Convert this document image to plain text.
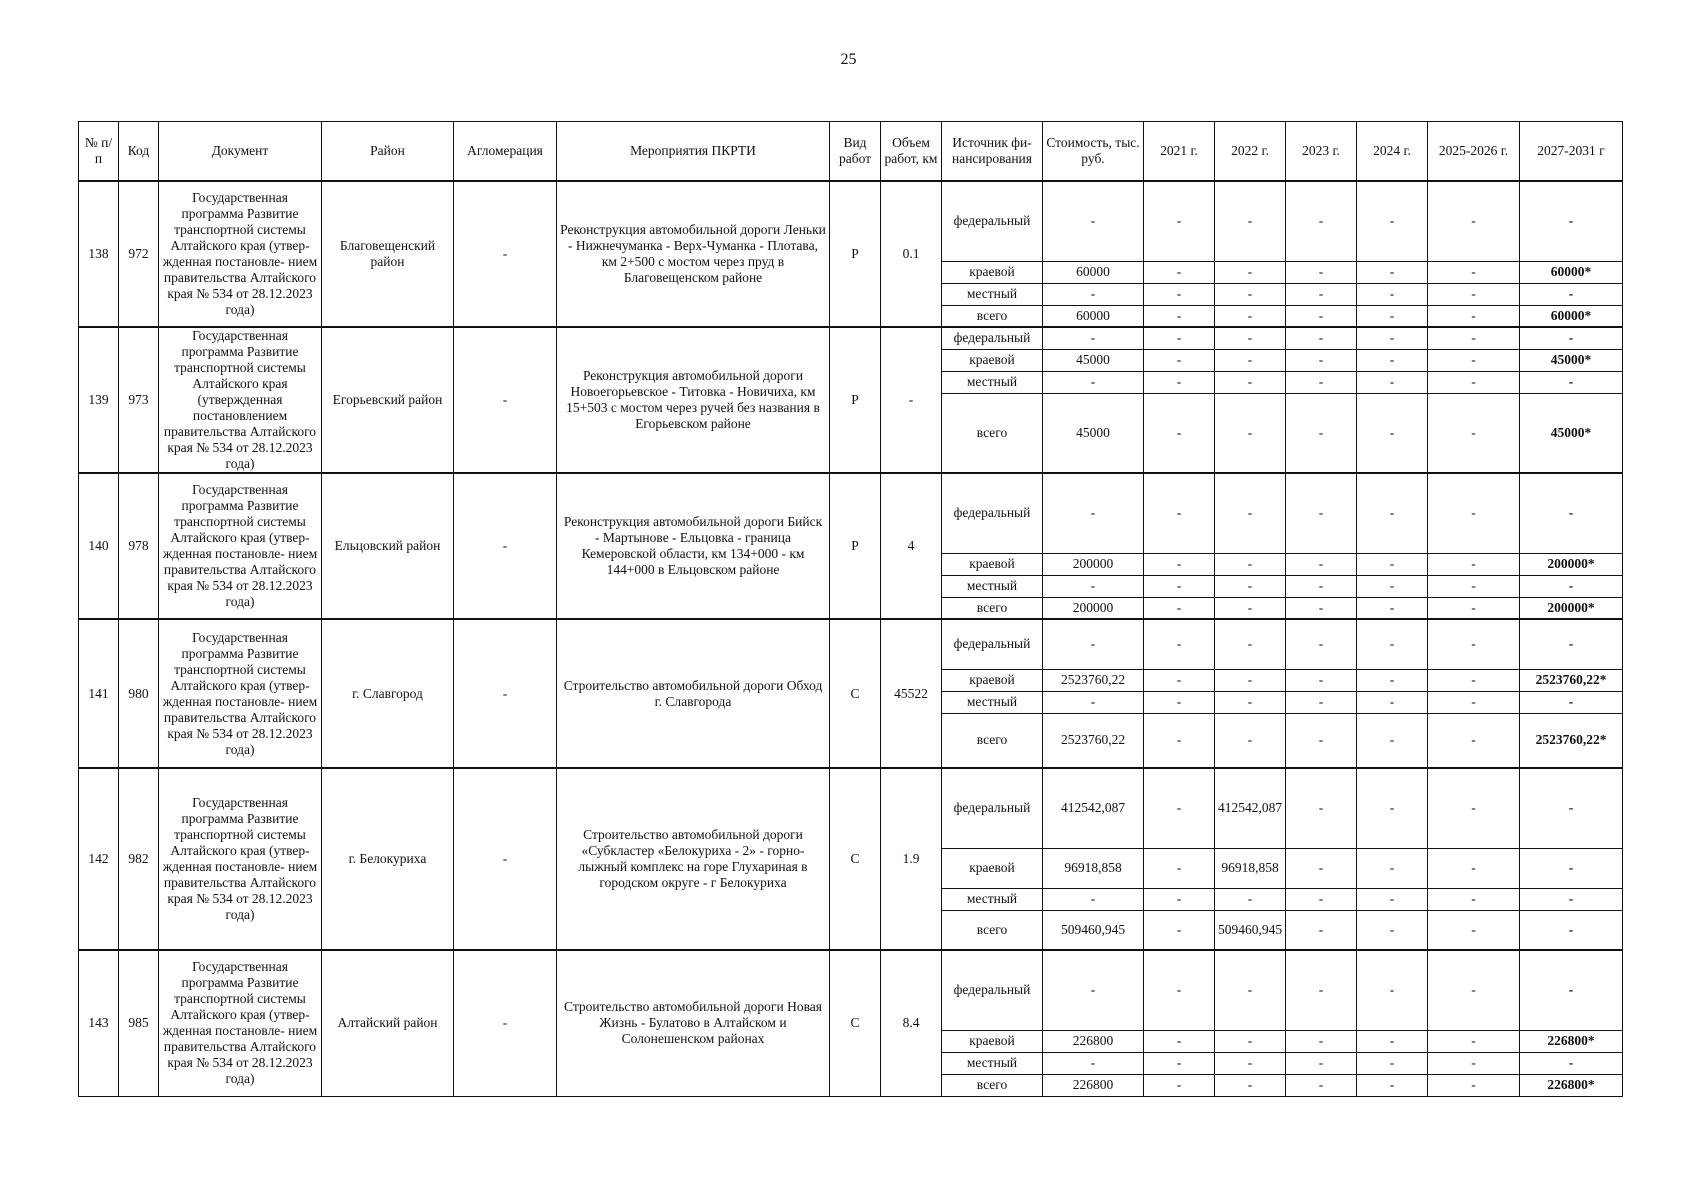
25
№ п/п	Код	Документ	Район	Агломерация	Мероприятия ПКРТИ	Вид работ	Объем работ, км	Источник фи-нансирования	Стоимость, тыс. руб.	2021 г.	2022 г.	2023 г.	2024 г.	2025-2026 г.	2027-2031 г
138	972	Государственная программа Развитие транспортной системы Алтайского края (утвер- жденная постановле- нием правительства Алтайского края № 534 от 28.12.2023 года)	Благовещенский район	-	Реконструкция автомобильной дороги Леньки - Нижнечуманка - Верх-Чуманка - Плотава, км 2+500 с мостом через пруд в Благовещенском районе	Р	0.1	федеральный	-	-	-	-	-	-	-
								краевой	60000	-	-	-	-	-	60000*
								местный	-	-	-	-	-	-	-
								всего	60000	-	-	-	-	-	60000*
139	973	Государственная программа Развитие транспортной системы Алтайского края (утвержденная постановлением правительства Алтайского края № 534 от 28.12.2023 года)	Егорьевский район	-	Реконструкция автомобильной дороги Новоегорьевское - Титовка - Новичиха, км 15+503 с мостом через ручей без названия в Егорьевском районе	Р	-	федеральный	-	-	-	-	-	-	-
								краевой	45000	-	-	-	-	-	45000*
								местный	-	-	-	-	-	-	-
								всего	45000	-	-	-	-	-	45000*
140	978	Государственная программа Развитие транспортной системы Алтайского края (утвер- жденная постановле- нием правительства Алтайского края № 534 от 28.12.2023 года)	Ельцовский район	-	Реконструкция автомобильной дороги Бийск - Мартынове - Ельцовка - граница Кемеровской области, км 134+000 - км 144+000 в Ельцовском районе	Р	4	федеральный	-	-	-	-	-	-	-
								краевой	200000	-	-	-	-	-	200000*
								местный	-	-	-	-	-	-	-
								всего	200000	-	-	-	-	-	200000*
141	980	Государственная программа Развитие транспортной системы Алтайского края (утвер- жденная постановле- нием правительства Алтайского края № 534 от 28.12.2023 года)	г. Славгород	-	Строительство автомобильной дороги Обход г. Славгорода	С	45522	федеральный	-	-	-	-	-	-	-
								краевой	2523760,22	-	-	-	-	-	2523760,22*
								местный	-	-	-	-	-	-	-
								всего	2523760,22	-	-	-	-	-	2523760,22*
142	982	Государственная программа Развитие транспортной системы Алтайского края (утвер- жденная постановле- нием правительства Алтайского края № 534 от 28.12.2023 года)	г. Белокуриха	-	Строительство автомобильной дороги «Субкластер «Белокуриха - 2» - горно-лыжный комплекс на горе Глухариная в городском округе - г Белокуриха	С	1.9	федеральный	412542,087	-	412542,087	-	-	-	-
								краевой	96918,858	-	96918,858	-	-	-	-
								местный	-	-	-	-	-	-	-
								всего	509460,945	-	509460,945	-	-	-	-
143	985	Государственная программа Развитие транспортной системы Алтайского края (утвер- жденная постановле- нием правительства Алтайского края № 534 от 28.12.2023 года)	Алтайский район	-	Строительство автомобильной дороги Новая Жизнь - Булатово в Алтайском и Солонешенском районах	С	8.4	федеральный	-	-	-	-	-	-	-
								краевой	226800	-	-	-	-	-	226800*
								местный	-	-	-	-	-	-	-
								всего	226800	-	-	-	-	-	226800*
